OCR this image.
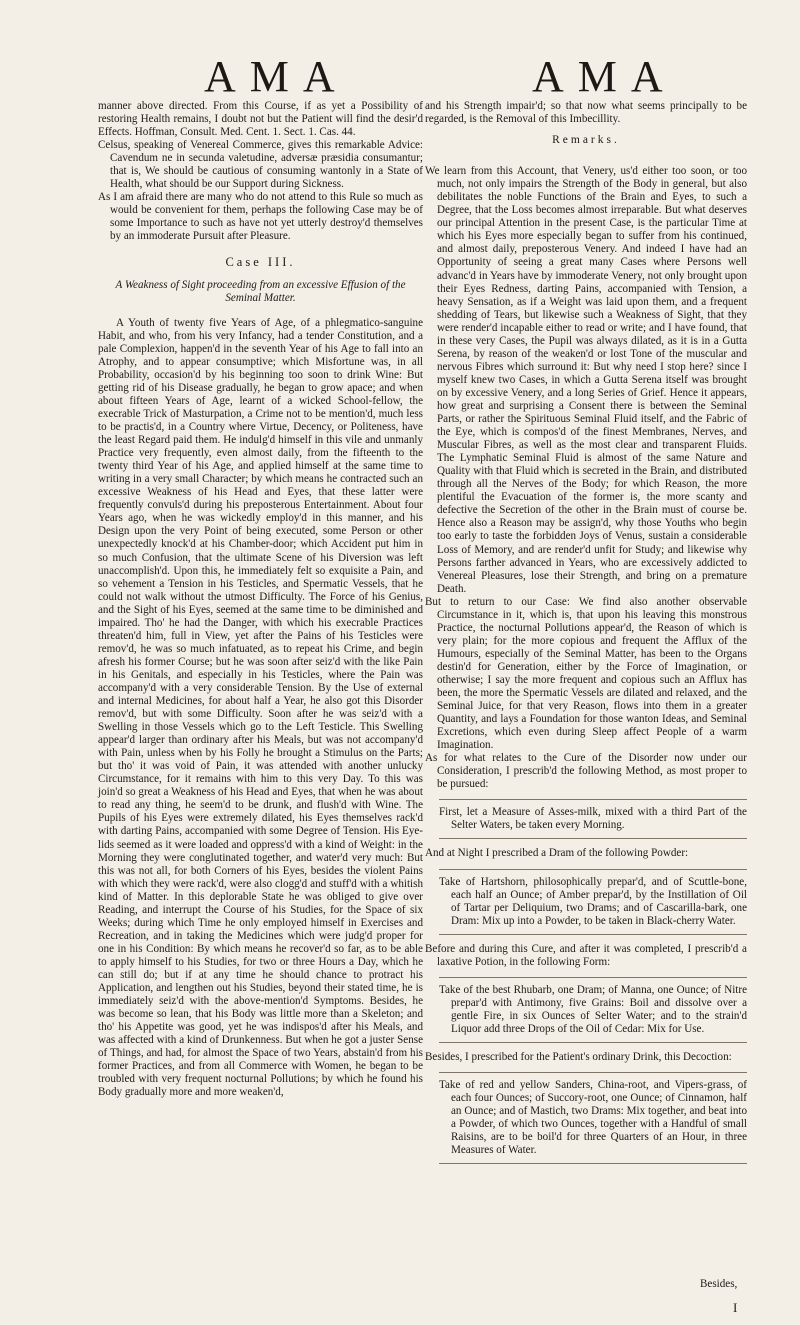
AMA	AMA

manner above directed. From this Course, if as yet a Possibility of restoring Health remains, I doubt not but the Patient will find the desir'd Effects. Hoffman, Consult. Med. Cent. 1. Sect. 1. Cas. 44.

Celsus, speaking of Venereal Commerce, gives this remarkable Advice: Cavendum ne in secunda valetudine, adversæ præsidia consumantur; that is, We should be cautious of consuming wantonly in a State of Health, what should be our Support during Sickness.

As I am afraid there are many who do not attend to this Rule so much as would be convenient for them, perhaps the following Case may be of some Importance to such as have not yet utterly destroy'd themselves by an immoderate Pursuit after Pleasure.

Case III.
A Weakness of Sight proceeding from an excessive Effusion of the Seminal Matter.

A Youth of twenty five Years of Age, of a phlegmatico-sanguine Habit, and who, from his very Infancy, had a tender Constitution, and a pale Complexion, happen'd in the seventh Year of his Age to fall into an Atrophy, and to appear consumptive; which Misfortune was, in all Probability, occasion'd by his beginning too soon to drink Wine: But getting rid of his Disease gradually, he began to grow apace; and when about fifteen Years of Age, learnt of a wicked School-fellow, the execrable Trick of Masturpation, a Crime not to be mention'd, much less to be practis'd, in a Country where Virtue, Decency, or Politeness, have the least Regard paid them. He indulg'd himself in this vile and unmanly Practice very frequently, even almost daily, from the fifteenth to the twenty third Year of his Age, and applied himself at the same time to writing in a very small Character; by which means he contracted such an excessive Weakness of his Head and Eyes, that these latter were frequently convuls'd during his preposterous Entertainment. About four Years ago, when he was wickedly employ'd in this manner, and his Design upon the very Point of being executed, some Person or other unexpectedly knock'd at his Chamber-door; which Accident put him in so much Confusion, that the ultimate Scene of his Diversion was left unaccomplish'd. Upon this, he immediately felt so exquisite a Pain, and so vehement a Tension in his Testicles, and Spermatic Vessels, that he could not walk without the utmost Difficulty. The Force of his Genius, and the Sight of his Eyes, seemed at the same time to be diminished and impaired. Tho' he had the Danger, with which his execrable Practices threaten'd him, full in View, yet after the Pains of his Testicles were remov'd, he was so much infatuated, as to repeat his Crime, and begin afresh his former Course; but he was soon after seiz'd with the like Pain in his Genitals, and especially in his Testicles, where the Pain was accompany'd with a very considerable Tension. By the Use of external and internal Medicines, for about half a Year, he also got this Disorder remov'd, but with some Difficulty. Soon after he was seiz'd with a Swelling in those Vessels which go to the Left Testicle. This Swelling appear'd larger than ordinary after his Meals, but was not accompany'd with Pain, unless when by his Folly he brought a Stimulus on the Parts; but tho' it was void of Pain, it was attended with another unlucky Circumstance, for it remains with him to this very Day. To this was join'd so great a Weakness of his Head and Eyes, that when he was about to read any thing, he seem'd to be drunk, and flush'd with Wine. The Pupils of his Eyes were extremely dilated, his Eyes themselves rack'd with darting Pains, accompanied with some Degree of Tension. His Eye-lids seemed as it were loaded and oppress'd with a kind of Weight: in the Morning they were conglutinated together, and water'd very much: But this was not all, for both Corners of his Eyes, besides the violent Pains with which they were rack'd, were also clogg'd and stuff'd with a whitish kind of Matter. In this deplorable State he was obliged to give over Reading, and interrupt the Course of his Studies, for the Space of six Weeks; during which Time he only employed himself in Exercises and Recreation, and in taking the Medicines which were judg'd proper for one in his Condition: By which means he recover'd so far, as to be able to apply himself to his Studies, for two or three Hours a Day, which he can still do; but if at any time he should chance to protract his Application, and lengthen out his Studies, beyond their stated time, he is immediately seiz'd with the above-mention'd Symptoms. Besides, he was become so lean, that his Body was little more than a Skeleton; and tho' his Appetite was good, yet he was indispos'd after his Meals, and was affected with a kind of Drunkenness. But when he got a juster Sense of Things, and had, for almost the Space of two Years, abstain'd from his former Practices, and from all Commerce with Women, he began to be troubled with very frequent nocturnal Pollutions; by which he found his Body gradually more and more weaken'd,

and his Strength impair'd; so that now what seems principally to be regarded, is the Removal of this Imbecillity.

Remarks.

We learn from this Account, that Venery, us'd either too soon, or too much, not only impairs the Strength of the Body in general, but also debilitates the noble Functions of the Brain and Eyes, to such a Degree, that the Loss becomes almost irreparable. But what deserves our principal Attention in the present Case, is the particular Time at which his Eyes more especially began to suffer from his continued, and almost daily, preposterous Venery. And indeed I have had an Opportunity of seeing a great many Cases where Persons well advanc'd in Years have by immoderate Venery, not only brought upon their Eyes Redness, darting Pains, accompanied with Tension, a heavy Sensation, as if a Weight was laid upon them, and a frequent shedding of Tears, but likewise such a Weakness of Sight, that they were render'd incapable either to read or write; and I have found, that in these very Cases, the Pupil was always dilated, as it is in a Gutta Serena, by reason of the weaken'd or lost Tone of the muscular and nervous Fibres which surround it: But why need I stop here? since I myself knew two Cases, in which a Gutta Serena itself was brought on by excessive Venery, and a long Series of Grief. Hence it appears, how great and surprising a Consent there is between the Seminal Parts, or rather the Spirituous Seminal Fluid itself, and the Fabric of the Eye, which is compos'd of the finest Membranes, Nerves, and Muscular Fibres, as well as the most clear and transparent Fluids. The Lymphatic Seminal Fluid is almost of the same Nature and Quality with that Fluid which is secreted in the Brain, and distributed through all the Nerves of the Body; for which Reason, the more plentiful the Evacuation of the former is, the more scanty and defective the Secretion of the other in the Brain must of course be. Hence also a Reason may be assign'd, why those Youths who begin too early to taste the forbidden Joys of Venus, sustain a considerable Loss of Memory, and are render'd unfit for Study; and likewise why Persons farther advanced in Years, who are excessively addicted to Venereal Pleasures, lose their Strength, and bring on a premature Death.

But to return to our Case: We find also another observable Circumstance in it, which is, that upon his leaving this monstrous Practice, the nocturnal Pollutions appear'd, the Reason of which is very plain; for the more copious and frequent the Afflux of the Humours, especially of the Seminal Matter, has been to the Organs destin'd for Generation, either by the Force of Imagination, or otherwise; I say the more frequent and copious such an Afflux has been, the more the Spermatic Vessels are dilated and relaxed, and the Seminal Juice, for that very Reason, flows into them in a greater Quantity, and lays a Foundation for those wanton Ideas, and Seminal Excretions, which even during Sleep affect People of a warm Imagination.

As for what relates to the Cure of the Disorder now under our Consideration, I prescrib'd the following Method, as most proper to be pursued:

First, let a Measure of Asses-milk, mixed with a third Part of the Selter Waters, be taken every Morning.

And at Night I prescribed a Dram of the following Powder:

Take of Hartshorn, philosophically prepar'd, and of Scuttle-bone, each half an Ounce; of Amber prepar'd, by the Instillation of Oil of Tartar per Deliquium, two Drams; and of Cascarilla-bark, one Dram: Mix up into a Powder, to be taken in Black-cherry Water.

Before and during this Cure, and after it was completed, I prescrib'd a laxative Potion, in the following Form:

Take of the best Rhubarb, one Dram; of Manna, one Ounce; of Nitre prepar'd with Antimony, five Grains: Boil and dissolve over a gentle Fire, in six Ounces of Selter Water; and to the strain'd Liquor add three Drops of the Oil of Cedar: Mix for Use.

Besides, I prescribed for the Patient's ordinary Drink, this Decoction:

Take of red and yellow Sanders, China-root, and Vipers-grass, of each four Ounces; of Succory-root, one Ounce; of Cinnamon, half an Ounce; and of Mastich, two Drams: Mix together, and beat into a Powder, of which two Ounces, together with a Handful of small Raisins, are to be boil'd for three Quarters of an Hour, in three Measures of Water.

Besides,
I
